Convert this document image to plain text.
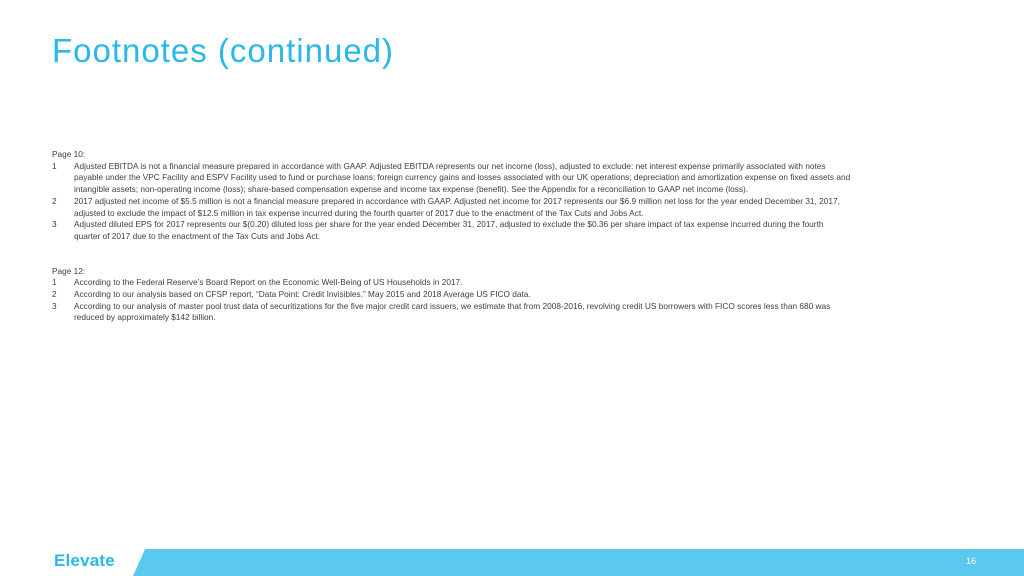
Footnotes (continued)

Page 10:

1	Adjusted EBITDA is not a financial measure prepared in accordance with GAAP. Adjusted EBITDA represents our net income (loss), adjusted to exclude: net interest expense primarily associated with notes payable under the VPC Facility and ESPV Facility used to fund or purchase loans; foreign currency gains and losses associated with our UK operations; depreciation and amortization expense on fixed assets and intangible assets; non-operating income (loss); share-based compensation expense and income tax expense (benefit). See the Appendix for a reconciliation to GAAP net income (loss).
2	2017 adjusted net income of $5.5 million is not a financial measure prepared in accordance with GAAP. Adjusted net income for 2017 represents our $6.9 million net loss for the year ended December 31, 2017, adjusted to exclude the impact of $12.5 million in tax expense incurred during the fourth quarter of 2017 due to the enactment of the Tax Cuts and Jobs Act.
3	Adjusted diluted EPS for 2017 represents our $(0.20) diluted loss per share for the year ended December 31, 2017, adjusted to exclude the $0.36 per share impact of tax expense incurred during the fourth quarter of 2017 due to the enactment of the Tax Cuts and Jobs Act.

Page 12:

1	According to the Federal Reserve’s Board Report on the Economic Well-Being of US Households in 2017.
2	According to our analysis based on CFSP report, “Data Point: Credit Invisibles.” May 2015 and 2018 Average US FICO data.
3	According to our analysis of master pool trust data of securitizations for the five major credit card issuers, we estimate that from 2008-2016, revolving credit US borrowers with FICO scores less than 680 was reduced by approximately $142 billion.
Elevate	16
